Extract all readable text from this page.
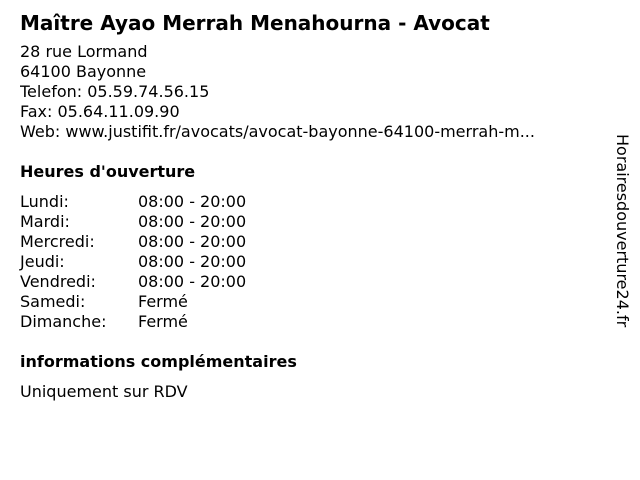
Maître Ayao Merrah Menahourna - Avocat
28 rue Lormand
64100 Bayonne
Telefon: 05.59.74.56.15
Fax: 05.64.11.09.90
Web: www.justifit.fr/avocats/avocat-bayonne-64100-merrah-m...
Heures d'ouverture
Lundi:	08:00 - 20:00
Mardi:	08:00 - 20:00
Mercredi:	08:00 - 20:00
Jeudi:	08:00 - 20:00
Vendredi:	08:00 - 20:00
Samedi:	Fermé
Dimanche:	Fermé
informations complémentaires
Uniquement sur RDV
Horairesdouverture24.fr
